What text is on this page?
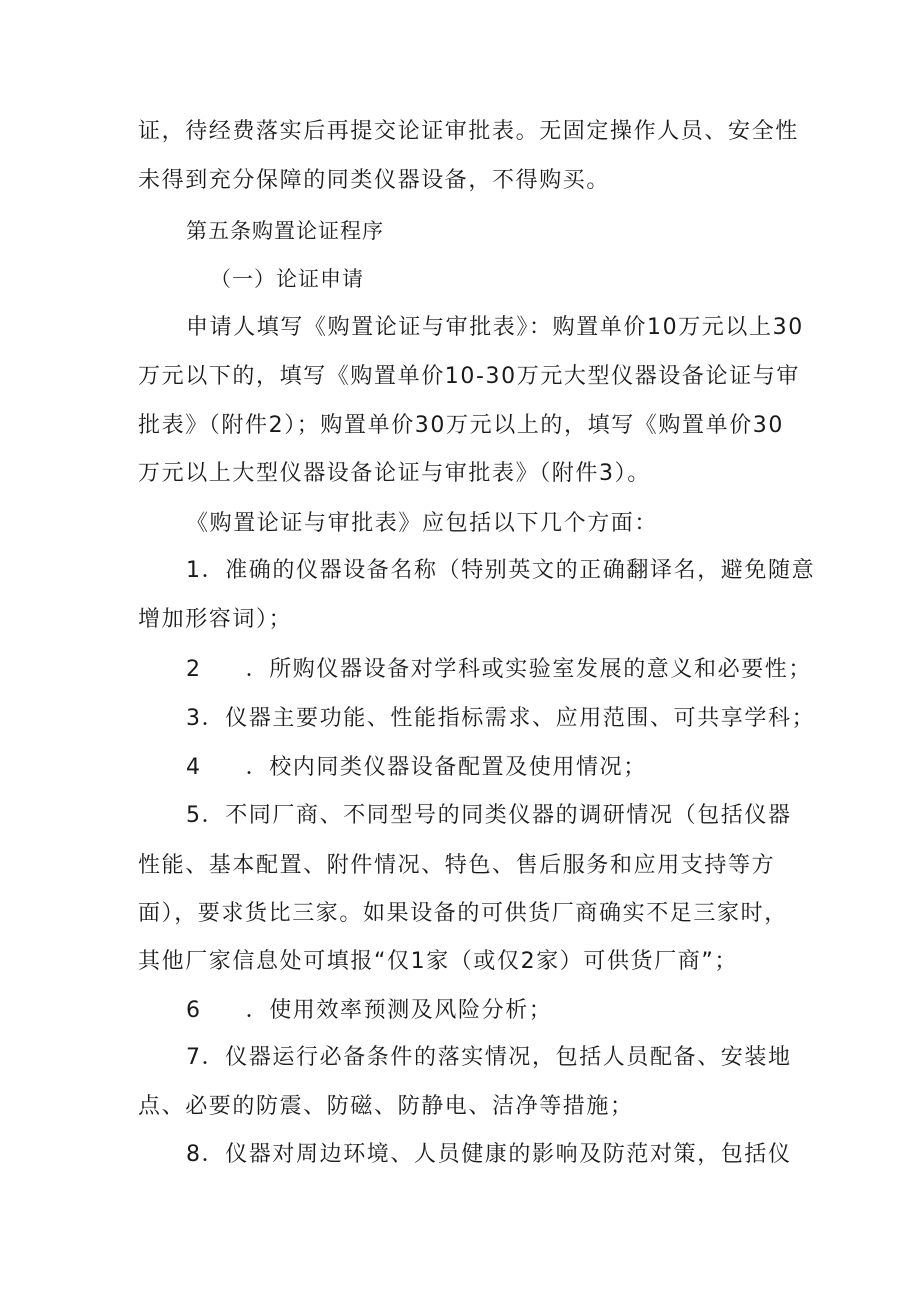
证，待经费落实后再提交论证审批表。无固定操作人员、安全性
未得到充分保障的同类仪器设备，不得购买。
第五条购置论证程序
（一）论证申请
申请人填写《购置论证与审批表》：购置单价10万元以上30
万元以下的，填写《购置单价10-30万元大型仪器设备论证与审
批表》（附件2）；购置单价30万元以上的，填写《购置单价30
万元以上大型仪器设备论证与审批表》（附件3）。
《购置论证与审批表》应包括以下几个方面：
1．准确的仪器设备名称（特别英文的正确翻译名，避免随意
增加形容词）；
2 ．所购仪器设备对学科或实验室发展的意义和必要性；
3．仪器主要功能、性能指标需求、应用范围、可共享学科；
4 ．校内同类仪器设备配置及使用情况；
5．不同厂商、不同型号的同类仪器的调研情况（包括仪器
性能、基本配置、附件情况、特色、售后服务和应用支持等方
面），要求货比三家。如果设备的可供货厂商确实不足三家时，
其他厂家信息处可填报“仅1家（或仅2家）可供货厂商”；
6 ．使用效率预测及风险分析；
7．仪器运行必备条件的落实情况，包括人员配备、安装地
点、必要的防震、防磁、防静电、洁净等措施；
8．仪器对周边环境、人员健康的影响及防范对策，包括仪
